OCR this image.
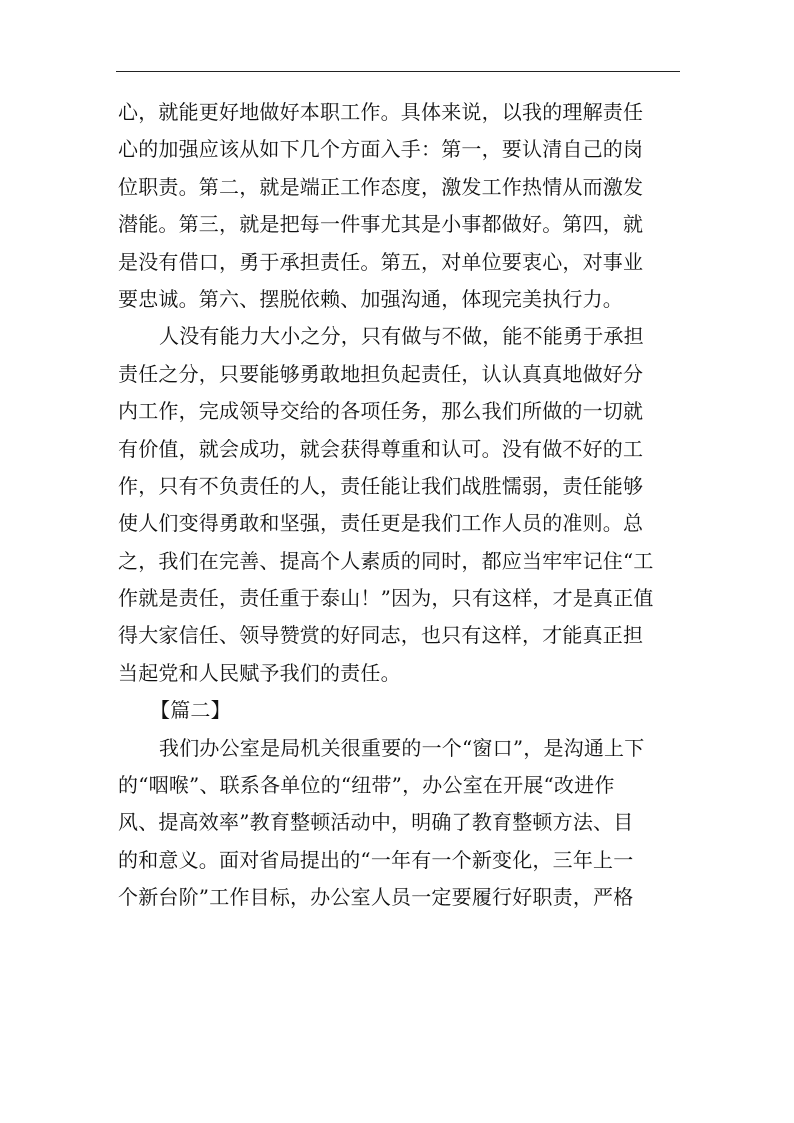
心，就能更好地做好本职工作。具体来说，以我的理解责任
心的加强应该从如下几个方面入手：第一，要认清自己的岗
位职责。第二，就是端正工作态度，激发工作热情从而激发
潜能。第三，就是把每一件事尤其是小事都做好。第四，就
是没有借口，勇于承担责任。第五，对单位要衷心，对事业
要忠诚。第六、摆脱依赖、加强沟通，体现完美执行力。
人没有能力大小之分，只有做与不做，能不能勇于承担
责任之分，只要能够勇敢地担负起责任，认认真真地做好分
内工作，完成领导交给的各项任务，那么我们所做的一切就
有价值，就会成功，就会获得尊重和认可。没有做不好的工
作，只有不负责任的人，责任能让我们战胜懦弱，责任能够
使人们变得勇敢和坚强，责任更是我们工作人员的准则。总
之，我们在完善、提高个人素质的同时，都应当牢牢记住“工
作就是责任，责任重于泰山！”因为，只有这样，才是真正值
得大家信任、领导赞赏的好同志，也只有这样，才能真正担
当起党和人民赋予我们的责任。
【篇二】
我们办公室是局机关很重要的一个“窗口”，是沟通上下
的“咽喉”、联系各单位的“纽带”，办公室在开展“改进作
风、提高效率”教育整顿活动中，明确了教育整顿方法、目
的和意义。面对省局提出的“一年有一个新变化，三年上一
个新台阶”工作目标，办公室人员一定要履行好职责，严格
